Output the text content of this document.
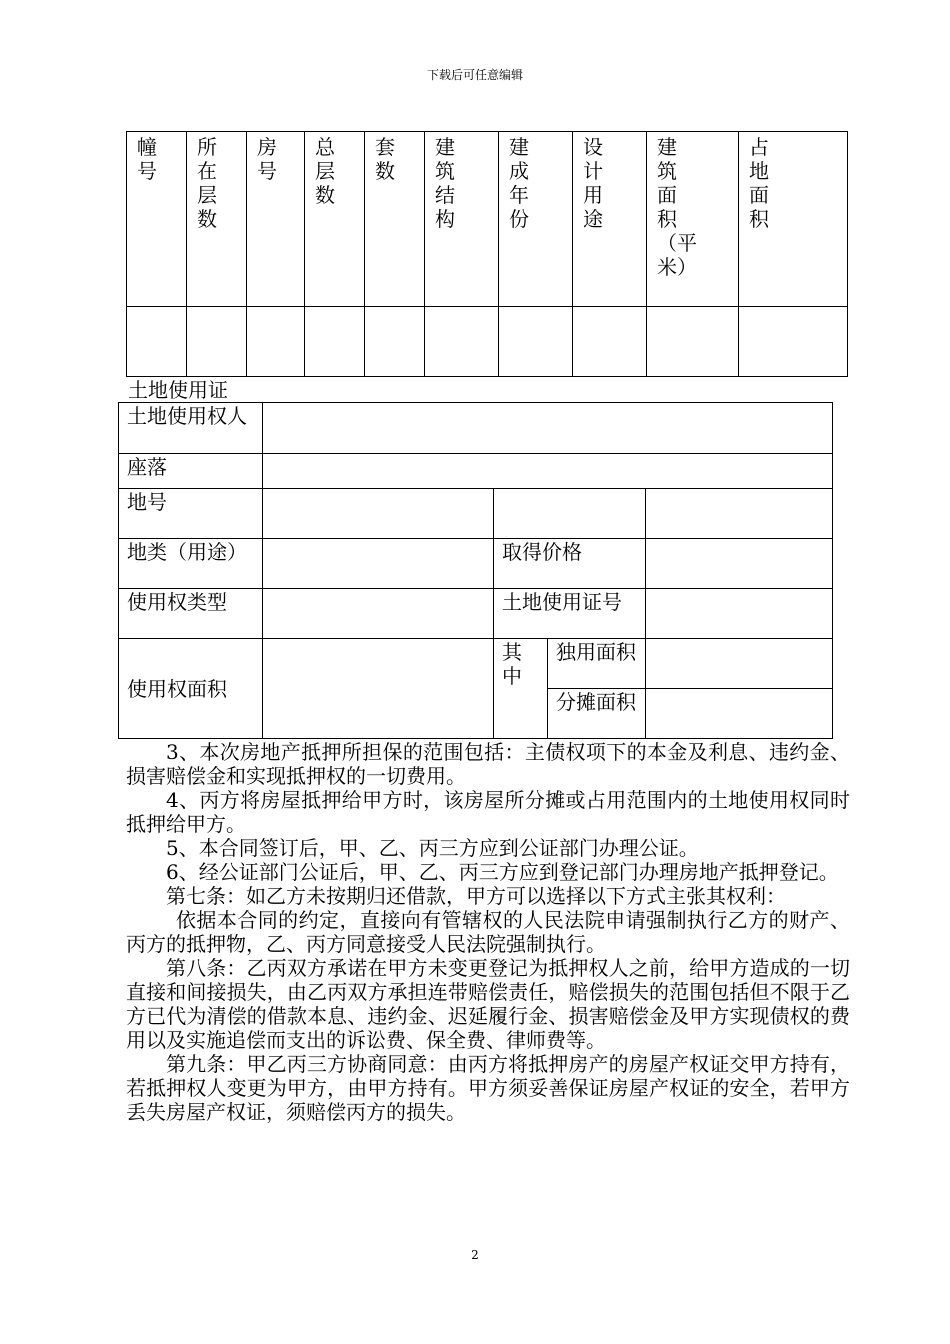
下载后可任意编辑
幢号	所在层数	房号	总层数	套数	建筑结构	建成年份	设计用途	建筑面积（平米）	占地面积

土地使用证
土地使用权人				
座落				
地号				
地类（用途）		取得价格		
使用权类型		土地使用证号		
使用权面积		其中	独用面积	
			分摊面积	

3、本次房地产抵押所担保的范围包括：主债权项下的本金及利息、违约金、损害赔偿金和实现抵押权的一切费用。

4、丙方将房屋抵押给甲方时，该房屋所分摊或占用范围内的土地使用权同时抵押给甲方。

5、本合同签订后，甲、乙、丙三方应到公证部门办理公证。

6、经公证部门公证后，甲、乙、丙三方应到登记部门办理房地产抵押登记。

第七条：如乙方未按期归还借款，甲方可以选择以下方式主张其权利：

依据本合同的约定，直接向有管辖权的人民法院申请强制执行乙方的财产、丙方的抵押物，乙、丙方同意接受人民法院强制执行。

第八条：乙丙双方承诺在甲方未变更登记为抵押权人之前，给甲方造成的一切直接和间接损失，由乙丙双方承担连带赔偿责任，赔偿损失的范围包括但不限于乙方已代为清偿的借款本息、违约金、迟延履行金、损害赔偿金及甲方实现债权的费用以及实施追偿而支出的诉讼费、保全费、律师费等。

第九条：甲乙丙三方协商同意：由丙方将抵押房产的房屋产权证交甲方持有，若抵押权人变更为甲方，由甲方持有。甲方须妥善保证房屋产权证的安全，若甲方丢失房屋产权证，须赔偿丙方的损失。

2
